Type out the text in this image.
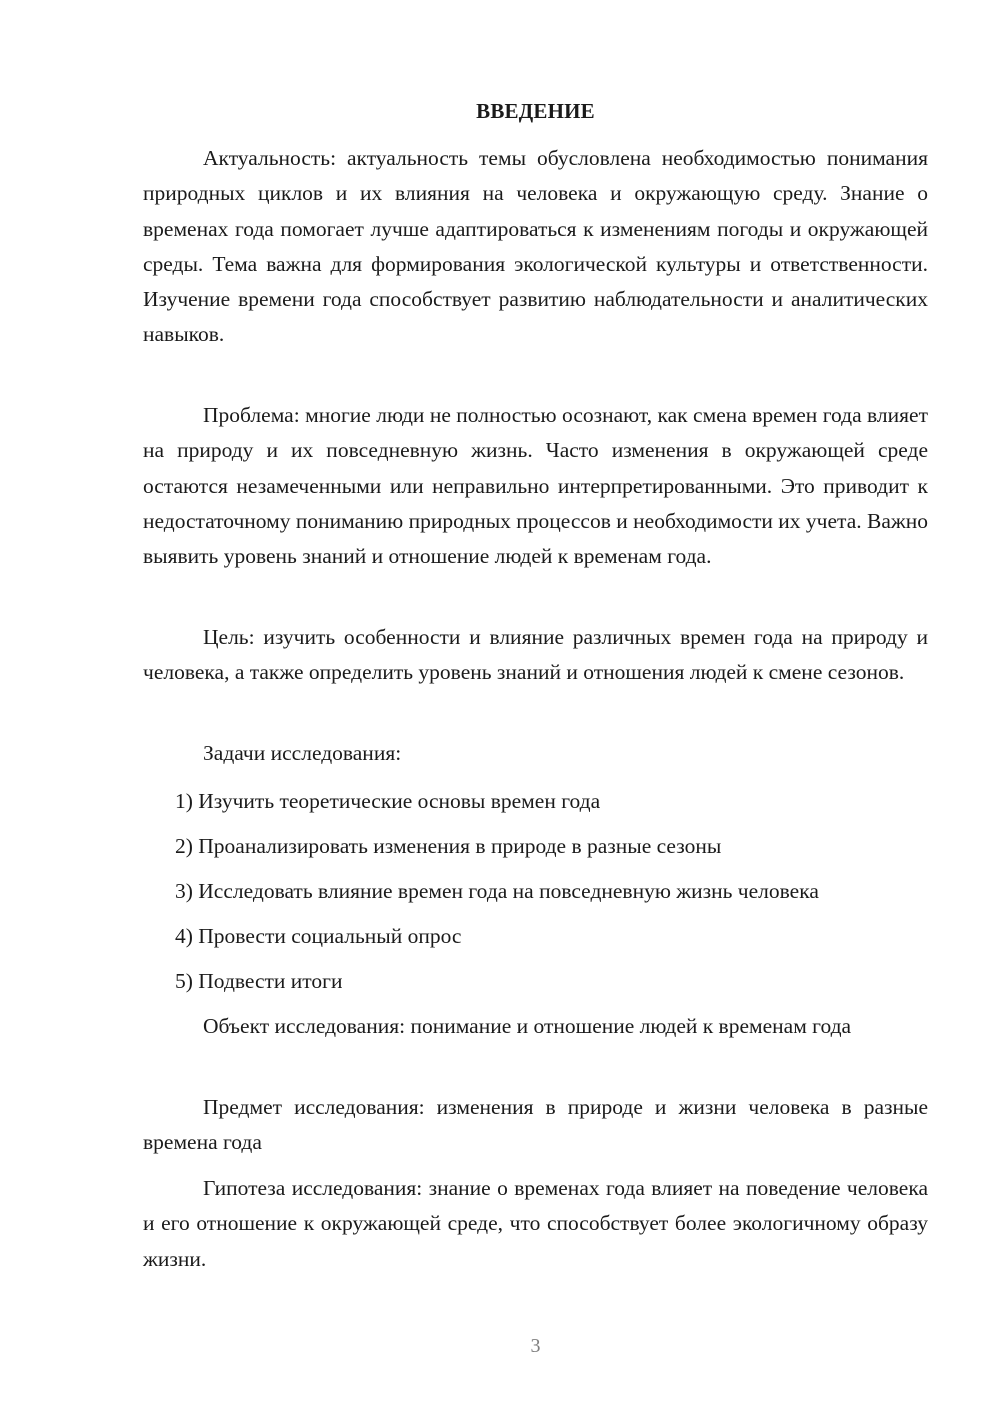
ВВЕДЕНИЕ

Актуальность: актуальность темы обусловлена необходимостью понимания природных циклов и их влияния на человека и окружающую среду. Знание о временах года помогает лучше адаптироваться к изменениям погоды и окружающей среды. Тема важна для формирования экологической культуры и ответственности. Изучение времени года способствует развитию наблюдательности и аналитических навыков.

Проблема: многие люди не полностью осознают, как смена времен года влияет на природу и их повседневную жизнь. Часто изменения в окружающей среде остаются незамеченными или неправильно интерпретированными. Это приводит к недостаточному пониманию природных процессов и необходимости их учета. Важно выявить уровень знаний и отношение людей к временам года.

Цель: изучить особенности и влияние различных времен года на природу и человека, а также определить уровень знаний и отношения людей к смене сезонов.

Задачи исследования:

1) Изучить теоретические основы времен года

2) Проанализировать изменения в природе в разные сезоны

3) Исследовать влияние времен года на повседневную жизнь человека

4) Провести социальный опрос

5) Подвести итоги

Объект исследования: понимание и отношение людей к временам года

Предмет исследования: изменения в природе и жизни человека в разные времена года

Гипотеза исследования: знание о временах года влияет на поведение человека и его отношение к окружающей среде, что способствует более экологичному образу жизни.

3
